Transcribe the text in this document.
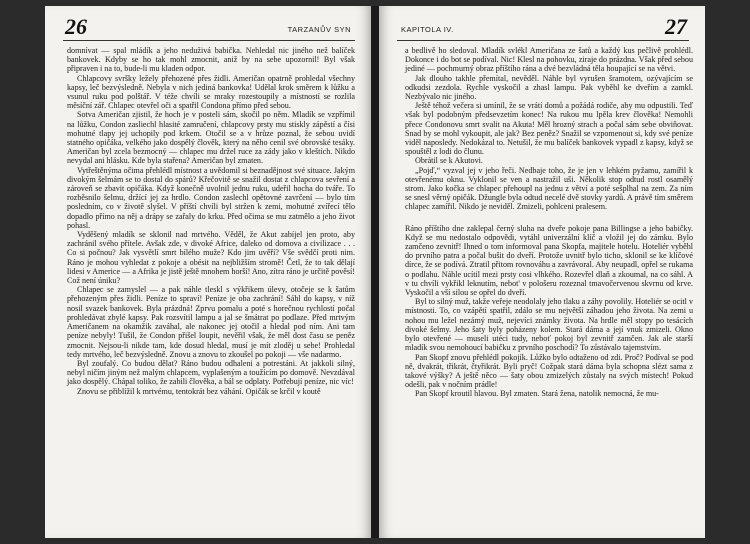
26	TARZANŮV SYN

domnívat — spal mládík a jeho neduživá babička. Nehledal nic jiného než balíček bankovek. Kdyby se ho tak mohl zmocnit, aniž by na sebe upozornil! Byl však připraven i na to, bude-li mu kladen odpor.

Chlapcovy svršky ležely přehozené přes židli. Američan opatrně prohledal všechny kapsy, leč bezvýsledně. Nebyla v nich jediná bankovka! Udělal krok směrem k lůžku a vsunul ruku pod polštář. V téže chvíli se mraky rozestoupily a místností se rozlila měsíční zář. Chlapec otevřel oči a spatřil Condona přímo před sebou.

Sotva Američan zjistil, že hoch je v posteli sám, skočil po něm. Mladík se vzpřímil na lůžku, Condon zasliechl hlasité zamručení, chlapcovy prsty mu stiskly zápěstí a čísi mohutné tlapy jej uchopily pod krkem. Otočil se a v hrůze poznal, že sebou uvidí statného opičáka, velkého jako dospělý člověk, který na něho cenil své obrovské tesáky. Američan byl zcela bezmocný — chlapec mu držel ruce za zády jako v kleštích. Nikdo nevydal ani hlásku. Kde byla stařena? Američan byl zmaten.

Vytřeštěnýma očima přehlédl místnost a uvědomil si beznadějnost své situace. Jakým divokým šelmám se to dostal do spárů? Křečovitě se snažil dostat z chlapcova sevření a zároveň se zbavit opičáka. Když konečně uvolnil jednu ruku, udeřil hocha do tváře. To rozběsnilo šelmu, držící jej za hrdlo. Condon zaslechl opětovné zavrčení — bylo tím posledním, co v životě slyšel. V příští chvíli byl stržen k zemi, mohutné zvířecí tělo dopadlo přímo na něj a drápy se zařaly do krku. Před očima se mu zatmělo a jeho život pohasl.

Vyděšený mladík se sklonil nad mrtvého. Věděl, že Akut zabíjel jen proto, aby zachránil svého přítele. Avšak zde, v divoké Africe, daleko od domova a civilizace . . . Co si počnou? Jak vysvětlí smrt bílého muže? Kdo jim uvěří? Vše svědčí proti nim. Ráno je mohou vyhledat z pokoje a obésit na nejbližším stromě! Četl, že to tak dělají lidesi v Americe — a Afrika je jistě ještě mnohem horší! Ano, zítra ráno je určitě pověsí! Což není úniku?

Chlapec se zamyslel — a pak náhle tleskl s výkřikem úlevy, otočeje se k šatům přehozeným přes židli. Peníze to spraví! Peníze je oba zachrání! Sáhl do kapsy, v níž nosil svazek bankovek. Byla prázdná! Zprvu pomalu a poté s horečnou rychlostí počal prohledávat zbylé kapsy. Pak rozsvítil lampu a jal se šmátrat po podlaze. Před mrtvým Američanem na okamžik zaváhal, ale nakonec jej otočil a hledal pod ním. Ani tam peníze nebyly! Tušil, že Condon přišel loupit, nevěřil však, že měl dost času se peněz zmocnit. Nejsou-li nikde tam, kde dosud hledal, musí je mít zloděj u sebe! Prohledal tedy mrtvého, leč bezvýsledně. Znovu a znovu to zkoušel po pokoji — vše nadarmo.

Byl zoufalý. Co budou dělat? Ráno budou odhaleni a potrestáni. At jakkoli silný, nebyl ničím jiným než malým chlapcem, vyplašeným a toužícím po domově. Nevzdával jako dospělý. Chápal toliko, že zabili člověka, a bál se odplaty. Potřebují peníze, nic víc!

Znovu se přiblížil k mrtvému, tentokrát bez váhání. Opičák se krčil v koutě

KAPITOLA IV.	27

a bedlivě ho sledoval. Mladík svlékl Američana ze šatů a každý kus pečlivě prohlédl. Dokonce i do bot se podíval. Nic! Klesl na pohovku, ziraje do prázdna. Však před sebou jediné — pochmurný obraz příštího rána a dvé bezvládná těla houpající se na větvi.

Jak dlouho takhle přemítal, nevěděl. Náhle byl vyrušen šramotem, ozývajícím se odkudsi zezdola. Rychle vyskočil a zhasl lampu. Pak vyběhl ke dveřím a zamkl. Nezbývalo nic jiného.

Ještě téhož večera si umínil, že se vrátí domů a požádá rodiče, aby mu odpustili. Teď však byl podobným předsevzetím konec! Na rukou mu lpěla krev člověka! Nemohli přece Condonovu smrt svalit na Akuta! Měl hrozný strach a počal sám sebe obviňovat. Snad by se mohl vykoupit, ale jak? Bez peněz? Snažil se vzpomenout si, kdy své peníze viděl naposledy. Nedokázal to. Netušil, že mu balíček bankovek vypadl z kapsy, když se spouštěl z lodi do člunu.

Obrátil se k Akutovi.

„Pojď,“ vyzval jej v jeho řeči. Nedbaje toho, že je jen v lehkém pyžamu, zamířil k otevřenému oknu. Vyklonil se ven a nastražil uši. Několik stop odtud rostl osamělý strom. Jako kočka se chlapec přehoupl na jednu z větví a poté sešplhal na zem. Za ním se snesl věrný opičák. Džungle byla odtud necelé dvě stovky yardů. A právě tím směrem chlapec zamířil. Nikdo je neviděl. Zmizeli, pohlceni pralesem.

Ráno příštího dne zaklepal černý sluha na dveře pokoje pana Billingse a jeho babičky. Když se mu nedostalo odpovědi, vytáhl univerzální klíč a vložil jej do zámku. Bylo zamčeno zevnitř! Ihned o tom informoval pana Skopfa, majitele hotelu. Hoteliér vyběhl do prvního patra a počal bušit do dveří. Protože uvnitř bylo ticho, sklonil se ke klíčové dírce, že se podívá. Ztratil přitom rovnováhu a zavrávoral. Aby neupadl, opřel se rukama o podlahu. Náhle ucítil mezi prsty cosi vlhkého. Rozevřel dlaň a zkoumal, na co sáhl. A v tu chvíli vykřikl leknutím, nebot' v pološeru rozeznal tmavočervenou skvrnu od krve. Vyskočil a vší silou se opřel do dveří.

Byl to silný muž, takže veřeje neodolaly jeho tlaku a záhy povolily. Hoteliér se ocitl v místnosti. To, co vzápětí spatřil, zdálo se mu největší záhadou jeho života. Na zemi u nohou mu ležel nezámý muž, nejevíci známky života. Na hrdle měl stopy po tesácích divoké šelmy. Jeho šaty byly poházeny kolem. Stará dáma a její vnuk zmizeli. Okno bylo otevřené — muselі utéci tudy, neboť pokoj byl zevnitř zamčen. Jak ale starší mladík svou nemohoucí babičku z prvního poschodí? To zůstávalo tajemstvím.

Pan Skopf znovu přehlédl pokojík. Lůžko bylo odtaženo od zdi. Proč? Podíval se pod ně, dvakrát, třikrát, čtyřikrát. Byli pryč! Cožpak stará dáma byla schopna slézt sama z takové výšky? A ještě něco — šaty obou zmizelých zůstaly na svých místech! Pokud odešli, pak v nočním prádle!

Pan Skopf kroutil hlavou. Byl zmaten. Stará žena, natolik nemocná, že mu-
